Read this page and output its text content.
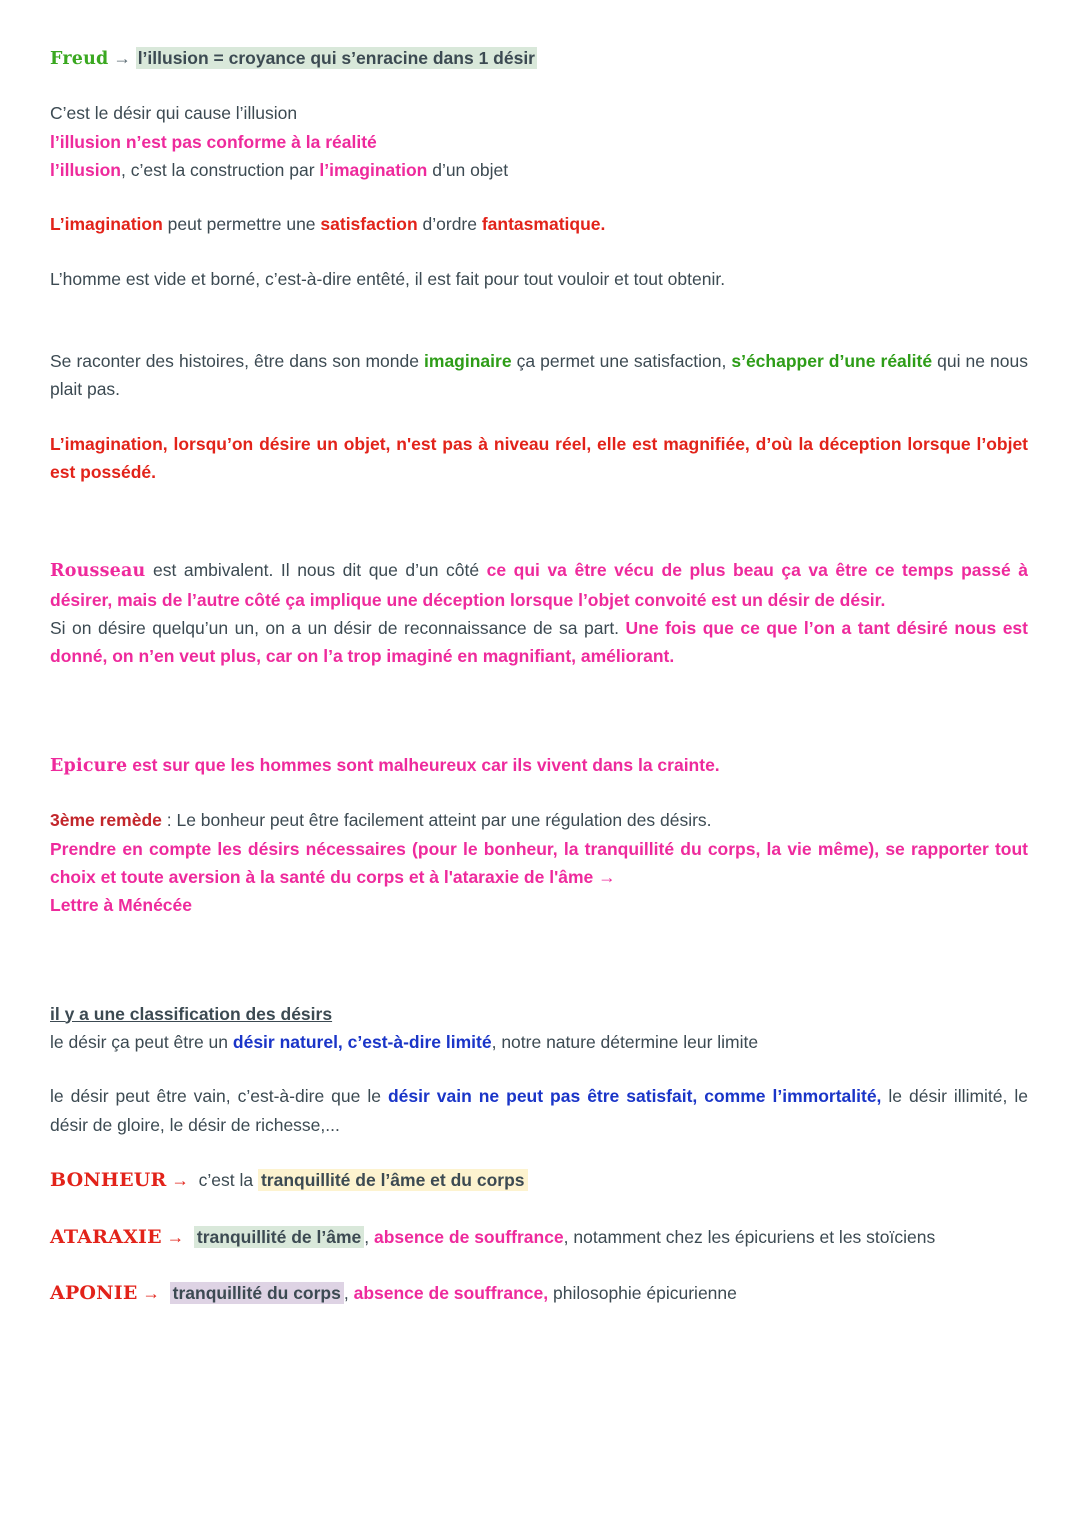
Freud → l’illusion = croyance qui s’enracine dans 1 désir

C’est le désir qui cause l’illusion

l’illusion n’est pas conforme à la réalité

l’illusion, c’est la construction par l’imagination d’un objet

L’imagination peut permettre une satisfaction d’ordre fantasmatique.

L’homme est vide et borné, c’est-à-dire entêté, il est fait pour tout vouloir et tout obtenir.

Se raconter des histoires, être dans son monde imaginaire ça permet une satisfaction, s’échapper d’une réalité qui ne nous plait pas.

L’imagination, lorsqu’on désire un objet, n'est pas à niveau réel, elle est magnifiée, d’où la déception lorsque l’objet est possédé.

Rousseau est ambivalent. Il nous dit que d’un côté ce qui va être vécu de plus beau ça va être ce temps passé à désirer, mais de l’autre côté ça implique une déception lorsque l’objet convoité est un désir de désir.

Si on désire quelqu’un un, on a un désir de reconnaissance de sa part. Une fois que ce que l’on a tant désiré nous est donné, on n’en veut plus, car on l’a trop imaginé en magnifiant, améliorant.

Epicure est sur que les hommes sont malheureux car ils vivent dans la crainte.

3ème remède : Le bonheur peut être facilement atteint par une régulation des désirs.

Prendre en compte les désirs nécessaires (pour le bonheur, la tranquillité du corps, la vie même), se rapporter tout choix et toute aversion à la santé du corps et à l'ataraxie de l'âme →

Lettre à Ménécée

il y a une classification des désirs

le désir ça peut être un désir naturel, c’est-à-dire limité, notre nature détermine leur limite

le désir peut être vain, c’est-à-dire que le désir vain ne peut pas être satisfait, comme l’immortalité, le désir illimité, le désir de gloire, le désir de richesse,...

BONHEUR → c’est la tranquillité de l’âme et du corps

ATARAXIE → tranquillité de l’âme , absence de souffrance, notamment chez les épicuriens et les stoïciens

APONIE → tranquillité du corps , absence de souffrance, philosophie épicurienne
